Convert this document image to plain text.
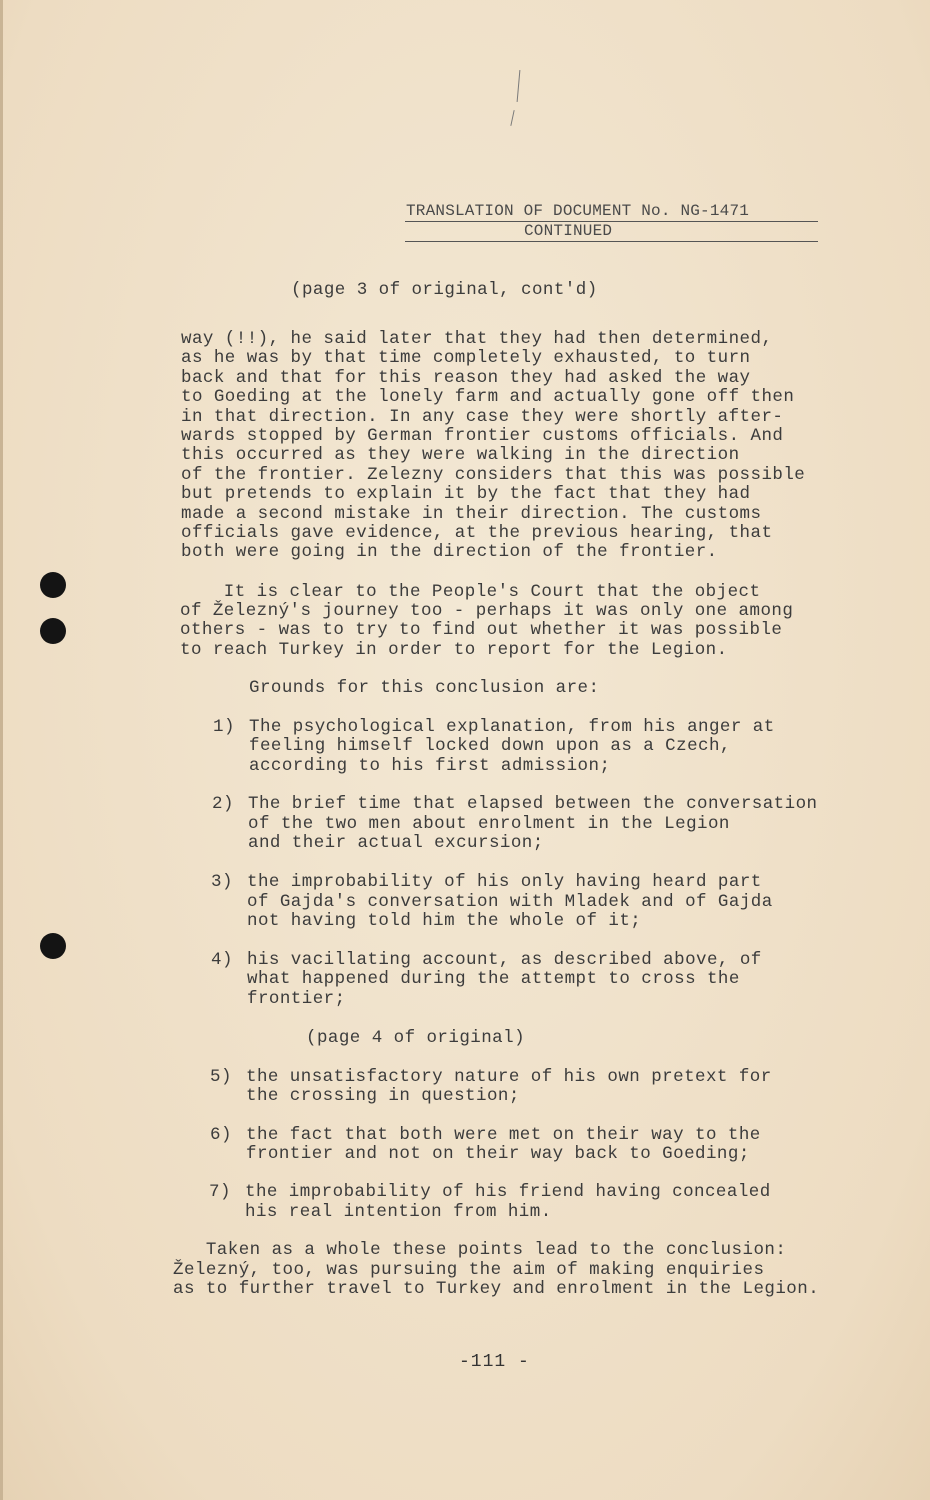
TRANSLATION OF DOCUMENT No. NG-1471
CONTINUED
(page 3 of original, cont'd)
way (!!), he said later that they had then determined,
as he was by that time completely exhausted, to turn
back and that for this reason they had asked the way
to Goeding at the lonely farm and actually gone off then
in that direction. In any case they were shortly after-
wards stopped by German frontier customs officials. And
this occurred as they were walking in the direction
of the frontier. Zelezny considers that this was possible
but pretends to explain it by the fact that they had
made a second mistake in their direction. The customs
officials gave evidence, at the previous hearing, that
both were going in the direction of the frontier.
It is clear to the People's Court that the object
of Železný's journey too - perhaps it was only one among
others - was to try to find out whether it was possible
to reach Turkey in order to report for the Legion.
Grounds for this conclusion are:
1) The psychological explanation, from his anger at
feeling himself locked down upon as a Czech,
according to his first admission;
2) The brief time that elapsed between the conversation
of the two men about enrolment in the Legion
and their actual excursion;
3) the improbability of his only having heard part
of Gajda's conversation with Mladek and of Gajda
not having told him the whole of it;
4) his vacillating account, as described above, of
what happened during the attempt to cross the
frontier;
(page 4 of original)
5) the unsatisfactory nature of his own pretext for
the crossing in question;
6) the fact that both were met on their way to the
frontier and not on their way back to Goeding;
7) the improbability of his friend having concealed
his real intention from him.
Taken as a whole these points lead to the conclusion:
Železný, too, was pursuing the aim of making enquiries
as to further travel to Turkey and enrolment in the Legion.
-111 -
